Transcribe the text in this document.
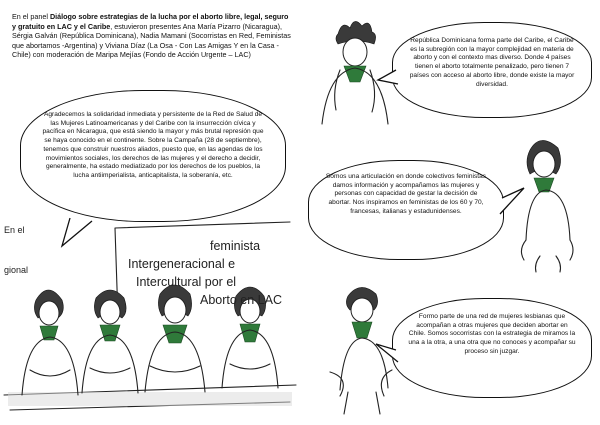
En el panel Diálogo sobre estrategias de la lucha por el aborto libre, legal, seguro y gratuito en LAC y el Caribe, estuvieron presentes Ana María Pizarro (Nicaragua), Sérgia Galván (República Dominicana), Nadia Mamani (Socorristas en Red, Feministas que abortamos -Argentina) y Viviana Díaz (La Osa - Con Las Amigas Y en la Casa - Chile) con moderación de Maripa Mejías (Fondo de Acción Urgente – LAC)

Agradecemos la solidaridad inmediata y persistente de la Red de Salud de las Mujeres Latinoamericanas y del Caribe con la insurrección cívica y pacífica en Nicaragua, que está siendo la mayor y más brutal represión que se haya conocido en el continente. Sobre la Campaña (28 de septiembre), tenemos que construir nuestros aliados, puesto que, en las agendas de los movimientos sociales, los derechos de las mujeres y el derecho a decidir, generalmente, ha estado mediatizado por los derechos de los pueblos, la lucha antiimperialista, anticapitalista, la soberanía, etc.

En el
gional
feminista
Intergeneracional e
Intercultural por el
Aborto en LAC

República Dominicana forma parte del Caribe, el Caribe es la subregión con la mayor complejidad en materia de aborto y con el contexto mas diverso. Donde 4 países tienen el aborto totalmente penalizado, pero tienen 7 países con acceso al aborto libre, donde existe la mayor diversidad.

Somos una articulación en donde colectivos feministas damos información y acompañamos las mujeres y personas con capacidad de gestar la decisión de abortar. Nos inspiramos en feministas de los 60 y 70, francesas, italianas y estadunidenses.

Formo parte de una red de mujeres lesbianas que acompañan a otras mujeres que deciden abortar en Chile. Somos socorristas con la estrategia de miramos la una a la otra, a una otra que no conoces y acompañar su proceso sin juzgar.
